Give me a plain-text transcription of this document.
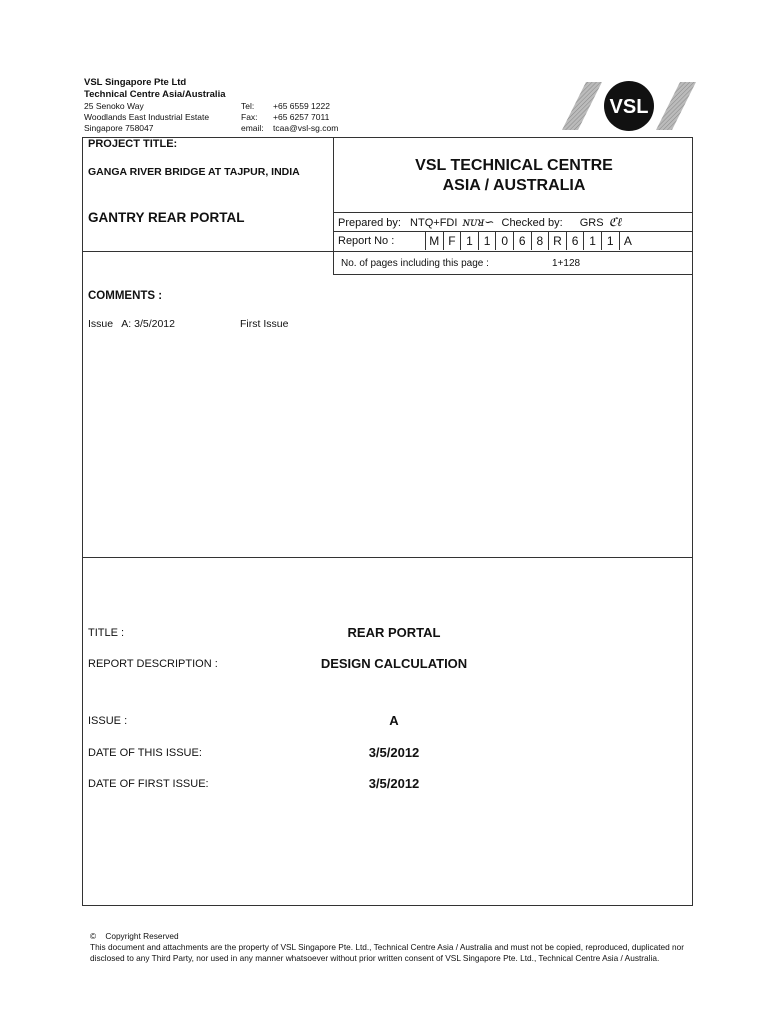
VSL Singapore Pte Ltd
Technical Centre Asia/Australia
25 Senoko Way
Woodlands East Industrial Estate
Singapore 758047
Tel: +65 6559 1222
Fax: +65 6257 7011
email: tcaa@vsl-sg.com
VSL
PROJECT TITLE:
GANGA RIVER BRIDGE AT TAJPUR, INDIA
GANTRY REAR PORTAL
VSL TECHNICAL CENTRE
ASIA / AUSTRALIA
Prepared by: NTQ+FDI ɴᴜᴚ∽ Checked by: GRS ℭℓ
Report No :	M F 1 1 0 6 8 R 6 1 1 A
No. of pages including this page :	1+128
COMMENTS :
Issue   A: 3/5/2012	First Issue
TITLE :	REAR PORTAL
REPORT DESCRIPTION :	DESIGN CALCULATION
ISSUE :	A
DATE OF THIS ISSUE:	3/5/2012
DATE OF FIRST ISSUE:	3/5/2012
©    Copyright Reserved
This document and attachments are the property of VSL Singapore Pte. Ltd., Technical Centre Asia / Australia and must not be copied, reproduced, duplicated nor disclosed to any Third Party, nor used in any manner whatsoever without prior written consent of VSL Singapore Pte. Ltd., Technical Centre Asia / Australia.
